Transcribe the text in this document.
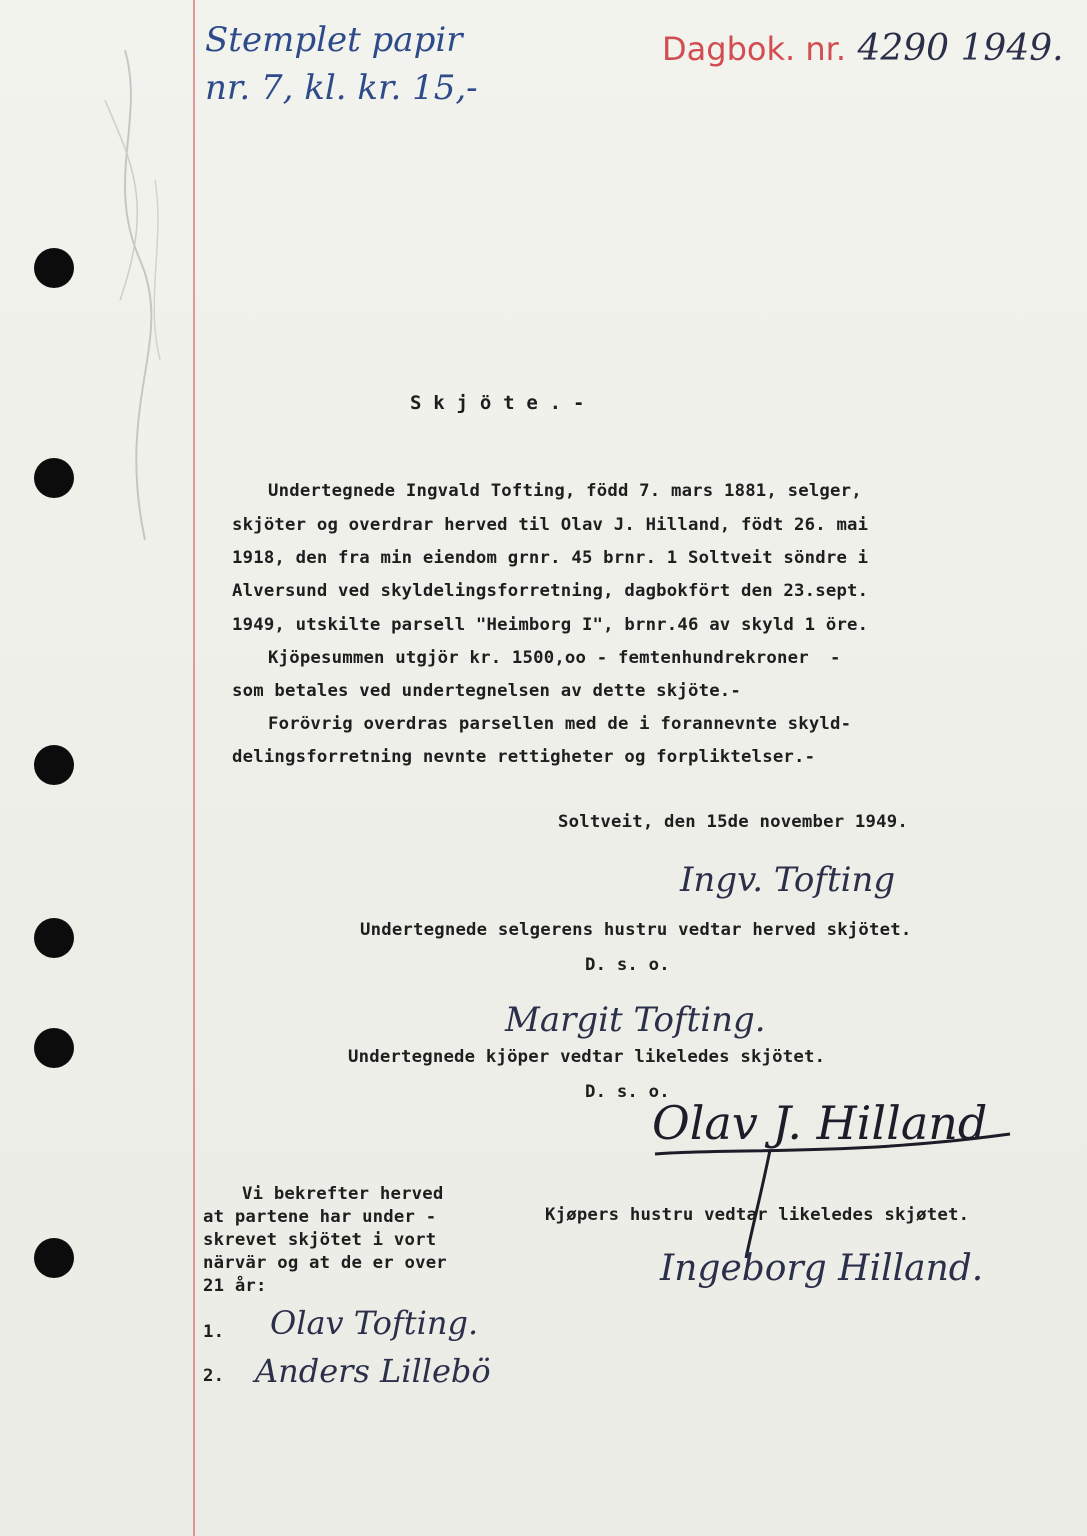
Stemplet papir
nr. 7, kl. kr. 15,-
Dagbok. nr. 4290 1949.
S k j ö t e . -
Undertegnede Ingvald Tofting, född 7. mars 1881, selger,
skjöter og overdrar herved til Olav J. Hilland, födt 26. mai
1918, den fra min eiendom grnr. 45 brnr. 1 Soltveit söndre i
Alversund ved skyldelingsforretning, dagbokfört den 23.sept.
1949, utskilte parsell "Heimborg I", brnr.46 av skyld 1 öre.
Kjöpesummen utgjör kr. 1500,oo - femtenhundrekroner  -
som betales ved undertegnelsen av dette skjöte.-
Forövrig overdras parsellen med de i forannevnte skyld-
delingsforretning nevnte rettigheter og forpliktelser.-
Soltveit, den 15de november 1949.
Ingv. Tofting
Undertegnede selgerens hustru vedtar herved skjötet.
D. s. o.
Margit Tofting.
Undertegnede kjöper vedtar likeledes skjötet.
D. s. o.
Olav J. Hilland
Vi bekrefter herved
at partene har under -
skrevet skjötet i vort
närvär og at de er over
21 år:
Kjøpers hustru vedtar likeledes skjøtet.
Ingeborg Hilland.
1. Olav Tofting.
2. Anders Lillebö
